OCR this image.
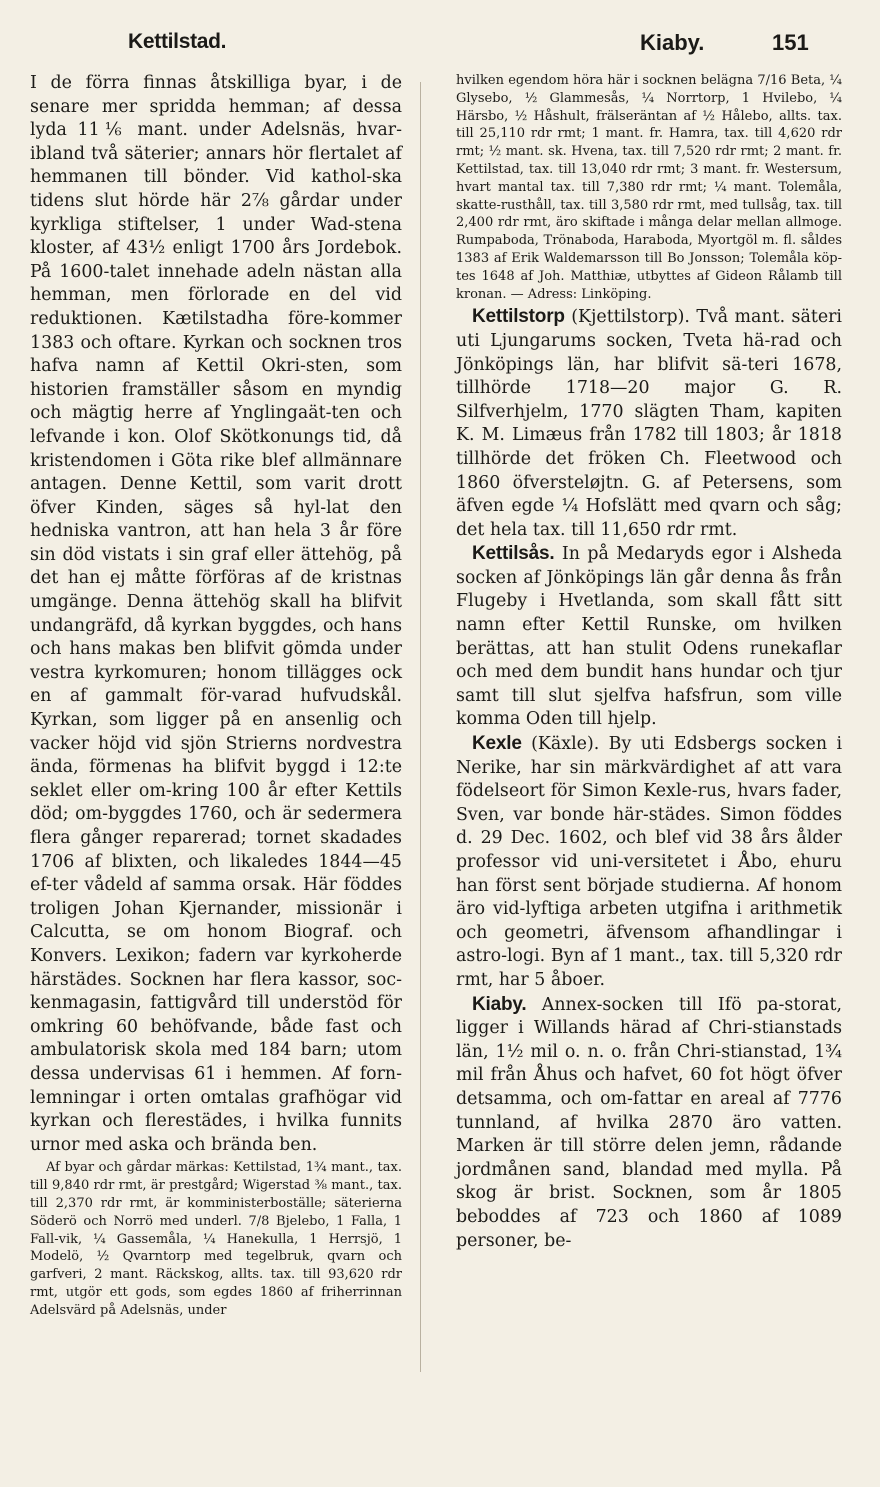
Kettilstad.	Kiaby.	151

I de förra finnas åtskilliga byar, i de senare mer spridda hemman; af dessa lyda 11⅙ mant. under Adelsnäs, hvar-ibland två säterier; annars hör flertalet af hemmanen till bönder. Vid kathol-ska tidens slut hörde här 2⅞ gårdar under kyrkliga stiftelser, 1 under Wad-stena kloster, af 43½ enligt 1700 års Jordebok. På 1600-talet innehade adeln nästan alla hemman, men förlorade en del vid reduktionen. Kætilstadha före-kommer 1383 och oftare. Kyrkan och socknen tros hafva namn af Kettil Okri-sten, som historien framställer såsom en myndig och mägtig herre af Ynglingaät-ten och lefvande i kon. Olof Skötkonungs tid, då kristendomen i Göta rike blef allmännare antagen. Denne Kettil, som varit drott öfver Kinden, säges så hyl-lat den hedniska vantron, att han hela 3 år före sin död vistats i sin graf eller ättehög, på det han ej måtte förföras af de kristnas umgänge. Denna ättehög skall ha blifvit undangräfd, då kyrkan byggdes, och hans och hans makas ben blifvit gömda under vestra kyrkomuren; honom tillägges ock en af gammalt för-varad hufvudskål. Kyrkan, som ligger på en ansenlig och vacker höjd vid sjön Strierns nordvestra ända, förmenas ha blifvit byggd i 12:te seklet eller om-kring 100 år efter Kettils död; om-byggdes 1760, och är sedermera flera gånger reparerad; tornet skadades 1706 af blixten, och likaledes 1844—45 ef-ter vådeld af samma orsak. Här föddes troligen Johan Kjernander, missionär i Calcutta, se om honom Biograf. och Konvers. Lexikon; fadern var kyrkoherde härstädes. Socknen har flera kassor, soc-kenmagasin, fattigvård till understöd för omkring 60 behöfvande, både fast och ambulatorisk skola med 184 barn; utom dessa undervisas 61 i hemmen. Af forn-lemningar i orten omtalas grafhögar vid kyrkan och flerestädes, i hvilka funnits urnor med aska och brända ben.

Af byar och gårdar märkas: Kettilstad, 1¾ mant., tax. till 9,840 rdr rmt, är prestgård; Wigerstad ⅜ mant., tax. till 2,370 rdr rmt, är komministerboställe; säterierna Söderö och Norrö med underl. 7/8 Bjelebo, 1 Falla, 1 Fall-vik, ¼ Gassemåla, ¼ Hanekulla, 1 Herrsjö, 1 Modelö, ½ Qvarntorp med tegelbruk, qvarn och garfveri, 2 mant. Räckskog, allts. tax. till 93,620 rdr rmt, utgör ett gods, som egdes 1860 af friherrinnan Adelsvärd på Adelsnäs, under

hvilken egendom höra här i socknen belägna 7/16 Beta, ¼ Glysebo, ½ Glammesås, ¼ Norrtorp, 1 Hvilebo, ¼ Härsbo, ½ Håshult, frälseräntan af ½ Hålebo, allts. tax. till 25,110 rdr rmt; 1 mant. fr. Hamra, tax. till 4,620 rdr rmt; ½ mant. sk. Hvena, tax. till 7,520 rdr rmt; 2 mant. fr. Kettilstad, tax. till 13,040 rdr rmt; 3 mant. fr. Westersum, hvart mantal tax. till 7,380 rdr rmt; ¼ mant. Tolemåla, skatte-rusthåll, tax. till 3,580 rdr rmt, med tullsåg, tax. till 2,400 rdr rmt, äro skiftade i många delar mellan allmoge. Rumpaboda, Trönaboda, Haraboda, Myortgöl m. fl. såldes 1383 af Erik Waldemarsson till Bo Jonsson; Tolemåla köp-tes 1648 af Joh. Matthiæ, utbyttes af Gideon Rålamb till kronan. — Adress: Linköping.

Kettilstorp (Kjettilstorp). Två mant. säteri uti Ljungarums socken, Tveta hä-rad och Jönköpings län, har blifvit sä-teri 1678, tillhörde 1718—20 major G. R. Silfverhjelm, 1770 slägten Tham, kapiten K. M. Limæus från 1782 till 1803; år 1818 tillhörde det fröken Ch. Fleetwood och 1860 öfversteløjtn. G. af Petersens, som äfven egde ¼ Hofslätt med qvarn och såg; det hela tax. till 11,650 rdr rmt.

Kettilsås. In på Medaryds egor i Alsheda socken af Jönköpings län går denna ås från Flugeby i Hvetlanda, som skall fått sitt namn efter Kettil Runske, om hvilken berättas, att han stulit Odens runekaflar och med dem bundit hans hundar och tjur samt till slut sjelfva hafsfrun, som ville komma Oden till hjelp.

Kexle (Käxle). By uti Edsbergs socken i Nerike, har sin märkvärdighet af att vara födelseort för Simon Kexle-rus, hvars fader, Sven, var bonde här-städes. Simon föddes d. 29 Dec. 1602, och blef vid 38 års ålder professor vid uni-versitetet i Åbo, ehuru han först sent började studierna. Af honom äro vid-lyftiga arbeten utgifna i arithmetik och geometri, äfvensom afhandlingar i astro-logi. Byn af 1 mant., tax. till 5,320 rdr rmt, har 5 åboer.

Kiaby. Annex-socken till Ifö pa-storat, ligger i Willands härad af Chri-stianstads län, 1½ mil o. n. o. från Chri-stianstad, 1¾ mil från Åhus och hafvet, 60 fot högt öfver detsamma, och om-fattar en areal af 7776 tunnland, af hvilka 2870 äro vatten. Marken är till större delen jemn, rådande jordmånen sand, blandad med mylla. På skog är brist. Socknen, som år 1805 beboddes af 723 och 1860 af 1089 personer, be-
